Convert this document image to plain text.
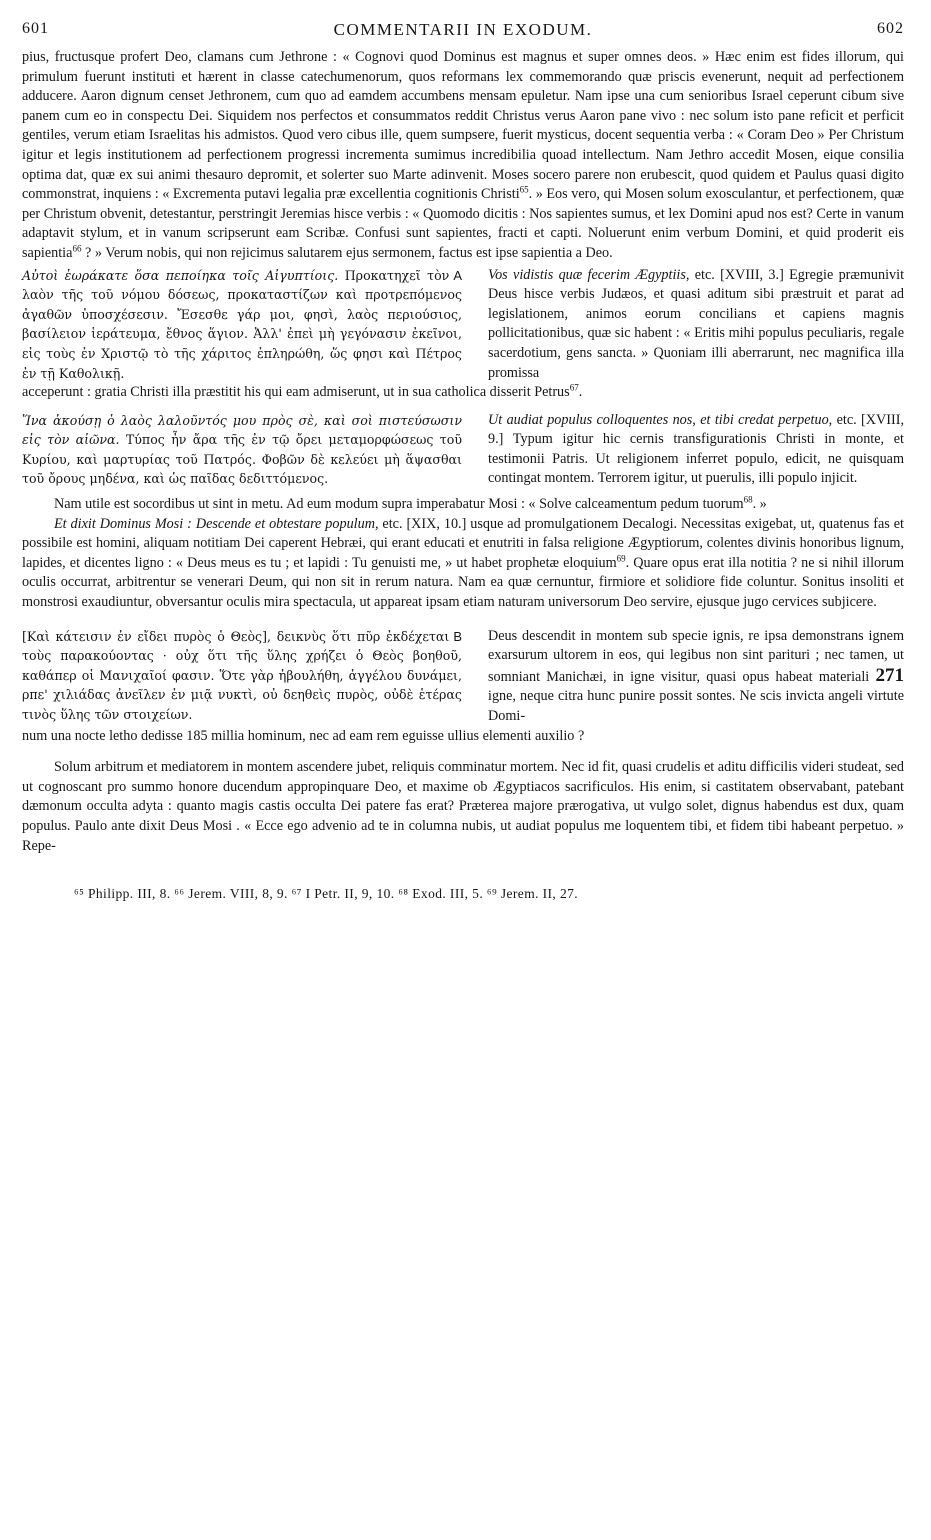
601	COMMENTARII IN EXODUM.	602

pius, fructusque profert Deo, clamans cum Jethrone : « Cognovi quod Dominus est magnus et super omnes deos. » Hæc enim est fides illorum, qui primulum fuerunt instituti et hærent in classe catechumenorum, quos reformans lex commemorando quæ priscis evenerunt, nequit ad perfectionem adducere. Aaron dignum censet Jethronem, cum quo ad eamdem accumbens mensam epuletur. Nam ipse una cum senioribus Israel ceperunt cibum sive panem cum eo in conspectu Dei. Siquidem nos perfectos et consummatos reddit Christus verus Aaron pane vivo : nec solum isto pane reficit et perficit gentiles, verum etiam Israelitas his admistos. Quod vero cibus ille, quem sumpsere, fuerit mysticus, docent sequentia verba : « Coram Deo » Per Christum igitur et legis institutionem ad perfectionem progressi incrementa sumimus incredibilia quoad intellectum. Nam Jethro accedit Mosen, eique consilia optima dat, quæ ex sui animi thesauro depromit, et solerter suo Marte adinvenit. Moses socero parere non erubescit, quod quidem et Paulus quasi digito commonstrat, inquiens : « Excrementa putavi legalia præ excellentia cognitionis Christi$^{65}$. » Eos vero, qui Mosen solum exosculantur, et perfectionem, quæ per Christum obvenit, detestantur, perstringit Jeremias hisce verbis : « Quomodo dicitis : Nos sapientes sumus, et lex Domini apud nos est? Certe in vanum adaptavit stylum, et in vanum scripserunt eam Scribæ. Confusi sunt sapientes, fracti et capti. Noluerunt enim verbum Domini, et quid proderit eis sapientia$^{66}$ ? » Verum nobis, qui non rejicimus salutarem ejus sermonem, factus est ipse sapientia a Deo.

A
Αὐτοὶ ἑωράκατε ὅσα πεποίηκα τοῖς Αἰγυπτίοις. Προκατηχεῖ τὸν λαὸν τῆς τοῦ νόμου δόσεως, προκαταστίζων καὶ προτρεπόμενος ἀγαθῶν ὑποσχέσεσιν. Ἔσεσθε γάρ μοι, φησὶ, λαὸς περιούσιος, βασίλειον ἱεράτευμα, ἔθνος ἅγιον. Ἀλλ' ἐπεὶ μὴ γεγόνασιν ἐκεῖνοι, εἰς τοὺς ἐν Χριστῷ τὸ τῆς χάριτος ἐπληρώθη, ὥς φησι καὶ Πέτρος ἐν τῇ Καθολικῇ.
Vos vidistis quæ fecerim Ægyptiis, etc. [XVIII, 3.] Egregie præmunivit Deus hisce verbis Judæos, et quasi aditum sibi præstruit et parat ad legislationem, animos eorum concilians et capiens magnis pollicitationibus, quæ sic habent : « Eritis mihi populus peculiaris, regale sacerdotium, gens sancta. » Quoniam illi aberrarunt, nec magnifica illa promissa

acceperunt : gratia Christi illa præstitit his qui eam admiserunt, ut in sua catholica disserit Petrus$^{67}$.

Ἵνα ἀκούσῃ ὁ λαὸς λαλοῦντός μου πρὸς σὲ, καὶ σοὶ πιστεύσωσιν εἰς τὸν αἰῶνα. Τύπος ἦν ἄρα τῆς ἐν τῷ ὄρει μεταμορφώσεως τοῦ Κυρίου, καὶ μαρτυρίας τοῦ Πατρός. Φοβῶν δὲ κελεύει μὴ ἅψασθαι τοῦ ὄρους μηδένα, καὶ ὡς παῖδας δεδιττόμενος.
Ut audiat populus colloquentes nos, et tibi credat perpetuo, etc. [XVIII, 9.] Typum igitur hic cernis transfigurationis Christi in monte, et testimonii Patris. Ut religionem inferret populo, edicit, ne quisquam contingat montem. Terrorem igitur, ut puerulis, illi populo injicit.

Nam utile est socordibus ut sint in metu. Ad eum modum supra imperabatur Mosi : « Solve calceamentum pedum tuorum$^{68}$. »

Et dixit Dominus Mosi : Descende et obtestare populum, etc. [XIX, 10.] usque ad promulgationem Decalogi. Necessitas exigebat, ut, quatenus fas et possibile est homini, aliquam notitiam Dei caperent Hebræi, qui erant educati et enutriti in falsa religione Ægyptiorum, colentes divinis honoribus lignum, lapides, et dicentes ligno : « Deus meus es tu ; et lapidi : Tu genuisti me, » ut habet prophetæ eloquium$^{69}$. Quare opus erat illa notitia ? ne si nihil illorum oculis occurrat, arbitrentur se venerari Deum, qui non sit in rerum natura. Nam ea quæ cernuntur, firmiore et solidiore fide coluntur. Sonitus insoliti et monstrosi exaudiuntur, obversantur oculis mira spectacula, ut appareat ipsam etiam naturam universorum Deo servire, ejusque jugo cervices subjicere.

B
[Καὶ κάτεισιν ἐν εἴδει πυρὸς ὁ Θεὸς], δεικνὺς ὅτι πῦρ ἐκδέχεται τοὺς παρακούοντας · οὐχ ὅτι τῆς ὕλης χρήζει ὁ Θεὸς βοηθοῦ, καθάπερ οἱ Μανιχαῖοί φασιν. Ὅτε γὰρ ἠβουλήθη, ἀγγέλου δυνάμει, ρπε' χιλιάδας ἀνεῖλεν ἐν μιᾷ νυκτὶ, οὐ δεηθεὶς πυρὸς, οὐδὲ ἑτέρας τινὸς ὕλης τῶν στοιχείων.
Deus descendit in montem sub specie ignis, re ipsa demonstrans ignem exarsurum ultorem in eos, qui legibus non sint parituri ; nec tamen, ut somniant Manichæi, in igne visitur, quasi opus habeat materiali 271 igne, neque citra hunc punire possit sontes. Ne scis invicta angeli virtute Domi-

num una nocte letho dedisse 185 millia hominum, nec ad eam rem eguisse ullius elementi auxilio ?

Solum arbitrum et mediatorem in montem ascendere jubet, reliquis comminatur mortem. Nec id fit, quasi crudelis et aditu difficilis videri studeat, sed ut cognoscant pro summo honore ducendum appropinquare Deo, et maxime ob Ægyptiacos sacrificulos. His enim, si castitatem observabant, patebant dæmonum occulta adyta : quanto magis castis occulta Dei patere fas erat? Præterea majore prærogativa, ut vulgo solet, dignus habendus est dux, quam populus. Paulo ante dixit Deus Mosi . « Ecce ego advenio ad te in columna nubis, ut audiat populus me loquentem tibi, et fidem tibi habeant perpetuo. » Repe-

⁶⁵ Philipp. III, 8. ⁶⁶ Jerem. VIII, 8, 9. ⁶⁷ I Petr. II, 9, 10. ⁶⁸ Exod. III, 5. ⁶⁹ Jerem. II, 27.
